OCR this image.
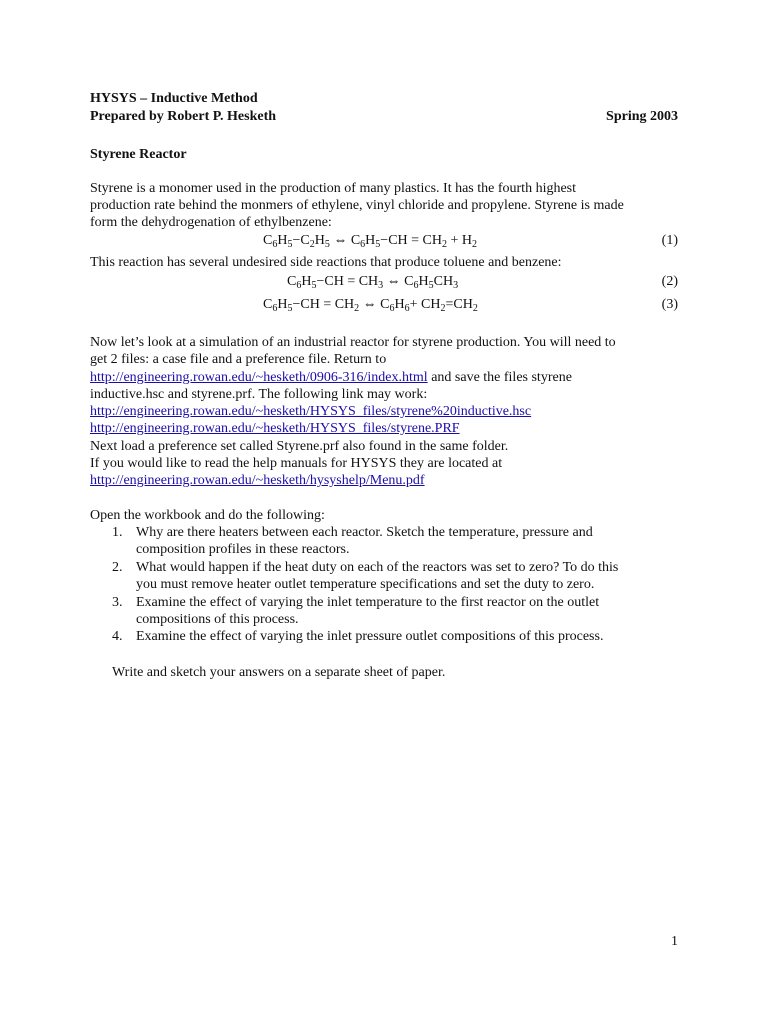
HYSYS – Inductive Method
Prepared by Robert P. Hesketh	Spring 2003
Styrene Reactor
Styrene is a monomer used in the production of many plastics. It has the fourth highest
production rate behind the monmers of ethylene, vinyl chloride and propylene. Styrene is made
form the dehydrogenation of ethylbenzene:
$C_6H_5-C_2H_5$ ⇔ $C_6H_5-CH = CH_2 + H_2$	(1)
This reaction has several undesired side reactions that produce toluene and benzene:
$C_6H_5-CH = CH_3$ ⇔ $C_6H_5CH_3$	(2)
$C_6H_5-CH = CH_2$ ⇔ $C_6H_6+ CH_2=CH_2$	(3)
Now let’s look at a simulation of an industrial reactor for styrene production. You will need to
get 2 files: a case file and a preference file. Return to
http://engineering.rowan.edu/~hesketh/0906-316/index.html and save the files styrene
inductive.hsc and styrene.prf. The following link may work:
http://engineering.rowan.edu/~hesketh/HYSYS_files/styrene%20inductive.hsc
http://engineering.rowan.edu/~hesketh/HYSYS_files/styrene.PRF
Next load a preference set called Styrene.prf also found in the same folder.
If you would like to read the help manuals for HYSYS they are located at
http://engineering.rowan.edu/~hesketh/hysyshelp/Menu.pdf
Open the workbook and do the following:
1. Why are there heaters between each reactor. Sketch the temperature, pressure and
composition profiles in these reactors.
2. What would happen if the heat duty on each of the reactors was set to zero? To do this
you must remove heater outlet temperature specifications and set the duty to zero.
3. Examine the effect of varying the inlet temperature to the first reactor on the outlet
compositions of this process.
4. Examine the effect of varying the inlet pressure outlet compositions of this process.
Write and sketch your answers on a separate sheet of paper.
1
